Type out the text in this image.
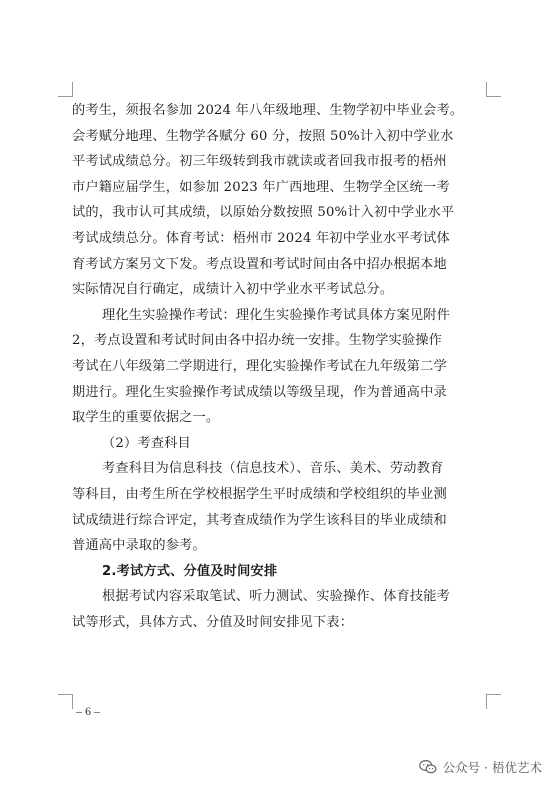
的考生，须报名参加 2024 年八年级地理、生物学初中毕业会考。
会考赋分地理、生物学各赋分 60 分，按照 50%计入初中学业水
平考试成绩总分。初三年级转到我市就读或者回我市报考的梧州
市户籍应届学生，如参加 2023 年广西地理、生物学全区统一考
试的，我市认可其成绩，以原始分数按照 50%计入初中学业水平
考试成绩总分。体育考试：梧州市 2024 年初中学业水平考试体
育考试方案另文下发。考点设置和考试时间由各中招办根据本地
实际情况自行确定，成绩计入初中学业水平考试总分。
理化生实验操作考试：理化生实验操作考试具体方案见附件
2，考点设置和考试时间由各中招办统一安排。生物学实验操作
考试在八年级第二学期进行，理化实验操作考试在九年级第二学
期进行。理化生实验操作考试成绩以等级呈现，作为普通高中录
取学生的重要依据之一。
（2）考查科目
考查科目为信息科技（信息技术）、音乐、美术、劳动教育
等科目，由考生所在学校根据学生平时成绩和学校组织的毕业测
试成绩进行综合评定，其考查成绩作为学生该科目的毕业成绩和
普通高中录取的参考。
2.考试方式、分值及时间安排
根据考试内容采取笔试、听力测试、实验操作、体育技能考
试等形式，具体方式、分值及时间安排见下表：
– 6 –
公众号 · 梧优艺术
